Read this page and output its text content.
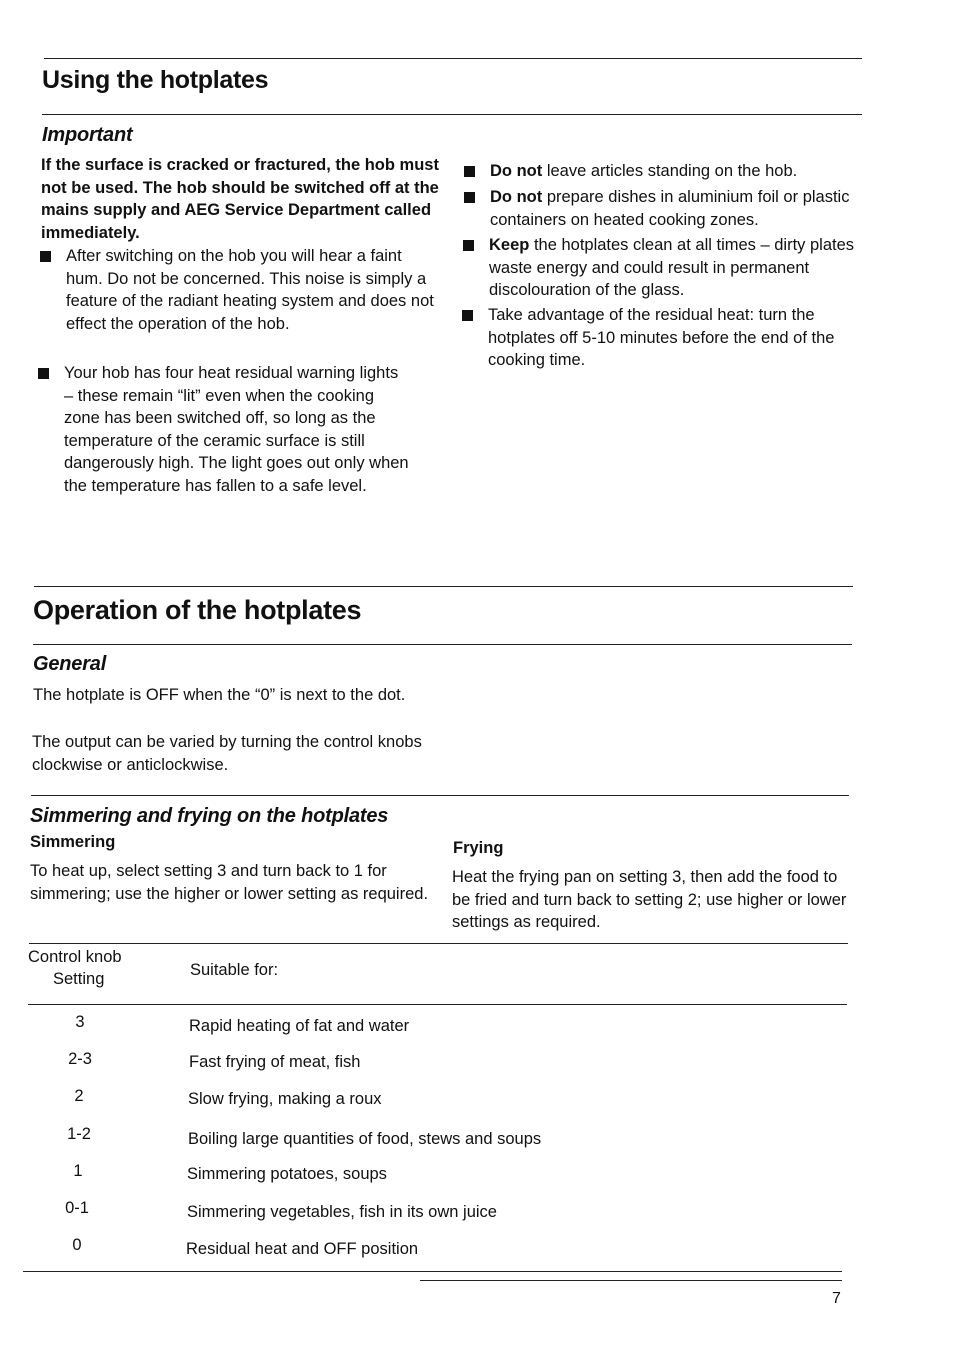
Using the hotplates
Important
If the surface is cracked or fractured, the hob must not be used. The hob should be switched off at the mains supply and AEG Service Department called immediately.
After switching on the hob you will hear a faint hum. Do not be concerned. This noise is simply a feature of the radiant heating system and does not effect the operation of the hob.
Your hob has four heat residual warning lights – these remain “lit” even when the cooking zone has been switched off, so long as the temperature of the ceramic surface is still dangerously high. The light goes out only when the temperature has fallen to a safe level.
Do not leave articles standing on the hob.
Do not prepare dishes in aluminium foil or plastic containers on heated cooking zones.
Keep the hotplates clean at all times – dirty plates waste energy and could result in permanent discolouration of the glass.
Take advantage of the residual heat: turn the hotplates off 5-10 minutes before the end of the cooking time.
Operation of the hotplates
General
The hotplate is OFF when the “0” is next to the dot.
The output can be varied by turning the control knobs clockwise or anticlockwise.
Simmering and frying on the hotplates
Simmering
To heat up, select setting 3 and turn back to 1 for simmering; use the higher or lower setting as required.
Frying
Heat the frying pan on setting 3, then add the food to be fried and turn back to setting 2; use higher or lower settings as required.
Control knob
Setting	Suitable for:
3	Rapid heating of fat and water
2-3	Fast frying of meat, fish
2	Slow frying, making a roux
1-2	Boiling large quantities of food, stews and soups
1	Simmering potatoes, soups
0-1	Simmering vegetables, fish in its own juice
0	Residual heat and OFF position
7
